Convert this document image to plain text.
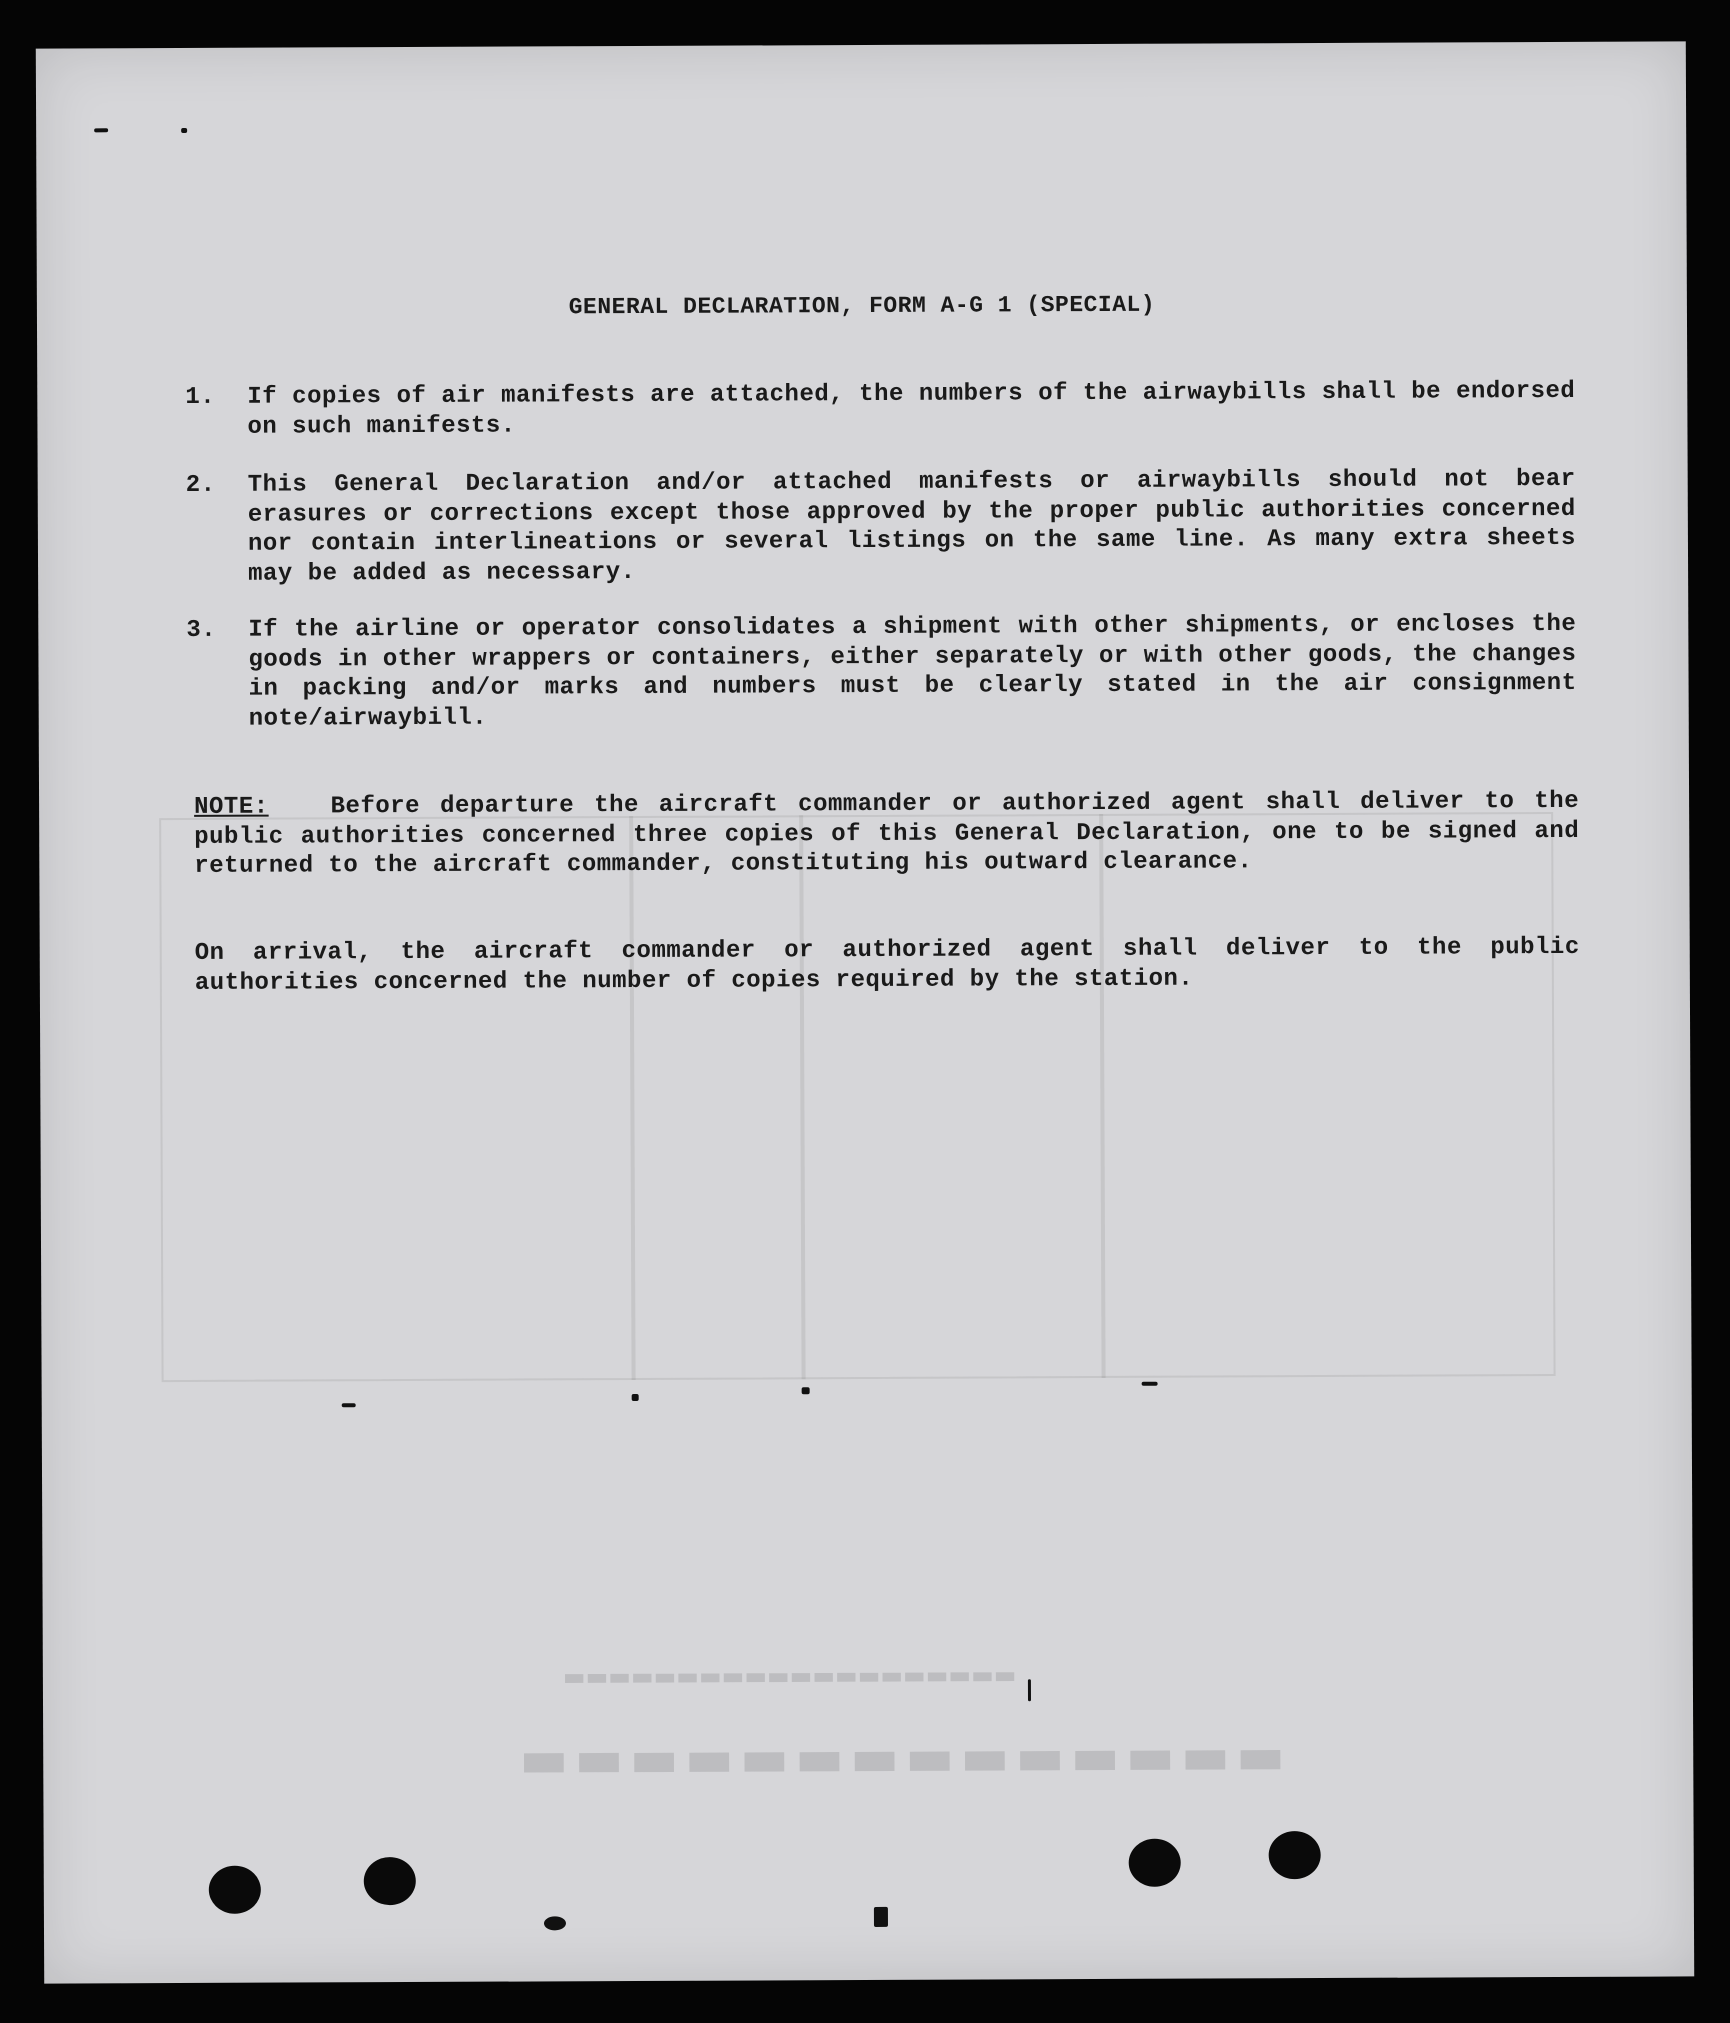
▬▬▬▬▬▬▬▬▬▬▬▬▬▬
▬▬▬▬▬▬▬▬▬▬▬▬▬▬▬▬▬▬▬▬
GENERAL DECLARATION, FORM A-G 1 (SPECIAL)
1. If copies of air manifests are attached, the numbers of the airwaybills shall be endorsed on such manifests.
2. This General Declaration and/or attached manifests or airwaybills should not bear erasures or corrections except those approved by the proper public authorities concerned nor contain interlineations or several listings on the same line. As many extra sheets may be added as necessary.
3. If the airline or operator consolidates a shipment with other shipments, or encloses the goods in other wrappers or containers, either separately or with other goods, the changes in packing and/or marks and numbers must be clearly stated in the air consignment note/airwaybill.
NOTE:	Before departure the aircraft commander or authorized agent shall deliver to the public authorities concerned three copies of this General Declaration, one to be signed and returned to the aircraft commander, constituting his outward clearance.
On arrival, the aircraft commander or authorized agent shall deliver to the public authorities concerned the number of copies required by the station.
